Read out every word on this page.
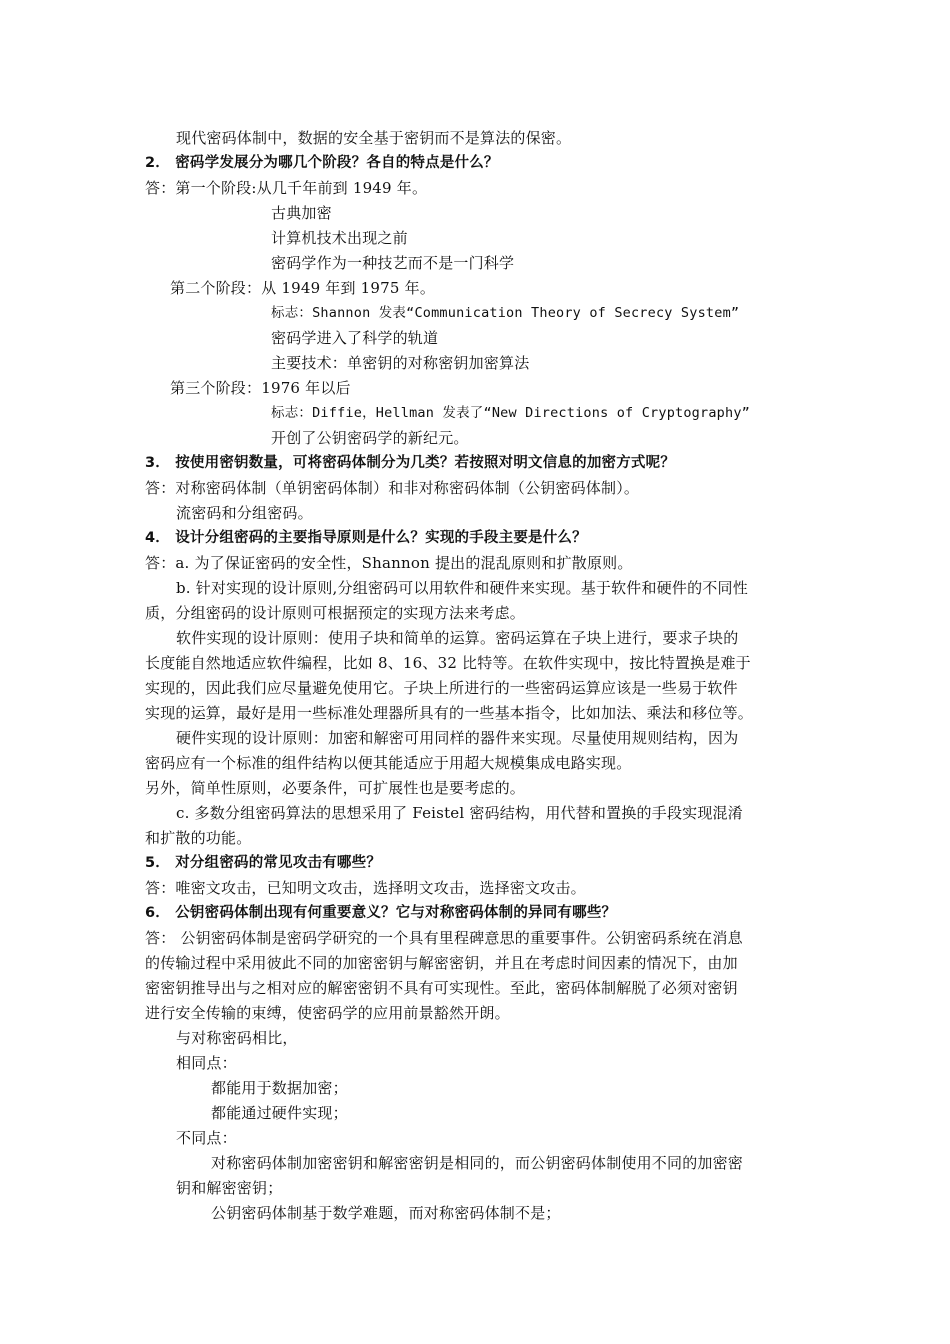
现代密码体制中，数据的安全基于密钥而不是算法的保密。
2． 密码学发展分为哪几个阶段？各自的特点是什么？
答：第一个阶段:从几千年前到 1949 年。
古典加密
计算机技术出现之前
密码学作为一种技艺而不是一门科学
第二个阶段：从 1949 年到 1975 年。
标志：Shannon 发表“Communication Theory of Secrecy System”
密码学进入了科学的轨道
主要技术：单密钥的对称密钥加密算法
第三个阶段：1976 年以后
标志：Diffie，Hellman 发表了“New Directions of Cryptography”
开创了公钥密码学的新纪元。
3． 按使用密钥数量，可将密码体制分为几类？若按照对明文信息的加密方式呢？
答：对称密码体制（单钥密码体制）和非对称密码体制（公钥密码体制）。
流密码和分组密码。
4． 设计分组密码的主要指导原则是什么？实现的手段主要是什么？
答：a. 为了保证密码的安全性，Shannon 提出的混乱原则和扩散原则。
b. 针对实现的设计原则,分组密码可以用软件和硬件来实现。基于软件和硬件的不同性
质，分组密码的设计原则可根据预定的实现方法来考虑。
软件实现的设计原则：使用子块和简单的运算。密码运算在子块上进行，要求子块的
长度能自然地适应软件编程，比如 8、16、32 比特等。在软件实现中，按比特置换是难于
实现的，因此我们应尽量避免使用它。子块上所进行的一些密码运算应该是一些易于软件
实现的运算，最好是用一些标准处理器所具有的一些基本指令，比如加法、乘法和移位等。
硬件实现的设计原则：加密和解密可用同样的器件来实现。尽量使用规则结构，因为
密码应有一个标准的组件结构以便其能适应于用超大规模集成电路实现。
另外，简单性原则，必要条件，可扩展性也是要考虑的。
c. 多数分组密码算法的思想采用了 Feistel 密码结构，用代替和置换的手段实现混淆
和扩散的功能。
5． 对分组密码的常见攻击有哪些？
答：唯密文攻击，已知明文攻击，选择明文攻击，选择密文攻击。
6． 公钥密码体制出现有何重要意义？它与对称密码体制的异同有哪些？
答： 公钥密码体制是密码学研究的一个具有里程碑意思的重要事件。公钥密码系统在消息
的传输过程中采用彼此不同的加密密钥与解密密钥，并且在考虑时间因素的情况下，由加
密密钥推导出与之相对应的解密密钥不具有可实现性。至此，密码体制解脱了必须对密钥
进行安全传输的束缚，使密码学的应用前景豁然开朗。
与对称密码相比，
相同点：
都能用于数据加密；
都能通过硬件实现；
不同点：
对称密码体制加密密钥和解密密钥是相同的，而公钥密码体制使用不同的加密密
钥和解密密钥；
公钥密码体制基于数学难题，而对称密码体制不是；
